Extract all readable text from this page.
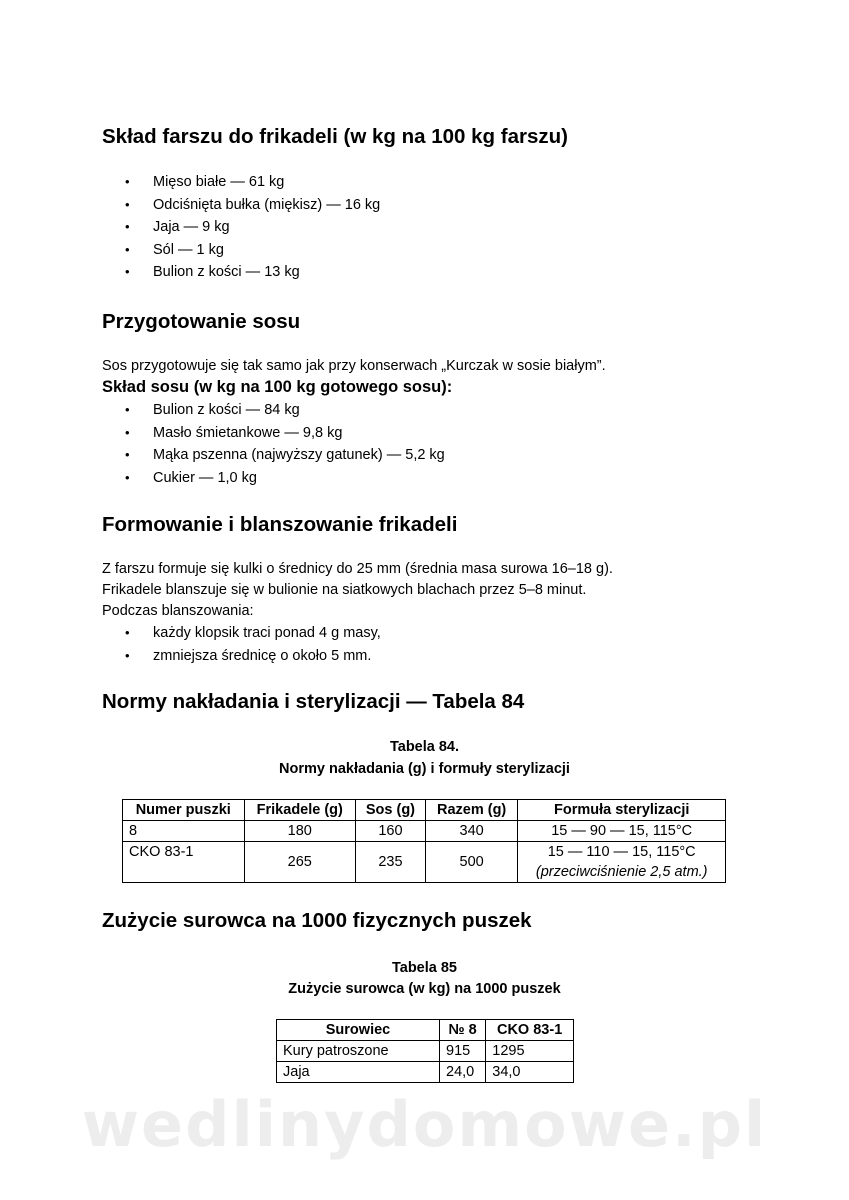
Skład farszu do frikadeli (w kg na 100 kg farszu)
• Mięso białe — 61 kg
• Odciśnięta bułka (miękisz) — 16 kg
• Jaja — 9 kg
• Sól — 1 kg
• Bulion z kości — 13 kg
Przygotowanie sosu

Sos przygotowuje się tak samo jak przy konserwach „Kurczak w sosie białym”.

Skład sosu (w kg na 100 kg gotowego sosu):

• Bulion z kości — 84 kg
• Masło śmietankowe — 9,8 kg
• Mąka pszenna (najwyższy gatunek) — 5,2 kg
• Cukier — 1,0 kg
Formowanie i blanszowanie frikadeli

Z farszu formuje się kulki o średnicy do 25 mm (średnia masa surowa 16–18 g).

Frikadele blanszuje się w bulionie na siatkowych blachach przez 5–8 minut.

Podczas blanszowania:

• każdy klopsik traci ponad 4 g masy,
• zmniejsza średnicę o około 5 mm.
Normy nakładania i sterylizacji — Tabela 84
Tabela 84.
Normy nakładania (g) i formuły sterylizacji
Numer puszki	Frikadele (g)	Sos (g)	Razem (g)	Formuła sterylizacji
8	180	160	340	15 — 90 — 15, 115°C
CKO 83-1	265	235	500	15 — 110 — 15, 115°C
(przeciwciśnienie 2,5 atm.)
Zużycie surowca na 1000 fizycznych puszek
Tabela 85
Zużycie surowca (w kg) na 1000 puszek
Surowiec	№ 8	CKO 83-1
Kury patroszone	915	1295
Jaja	24,0	34,0
wedlinydomowe.pl
